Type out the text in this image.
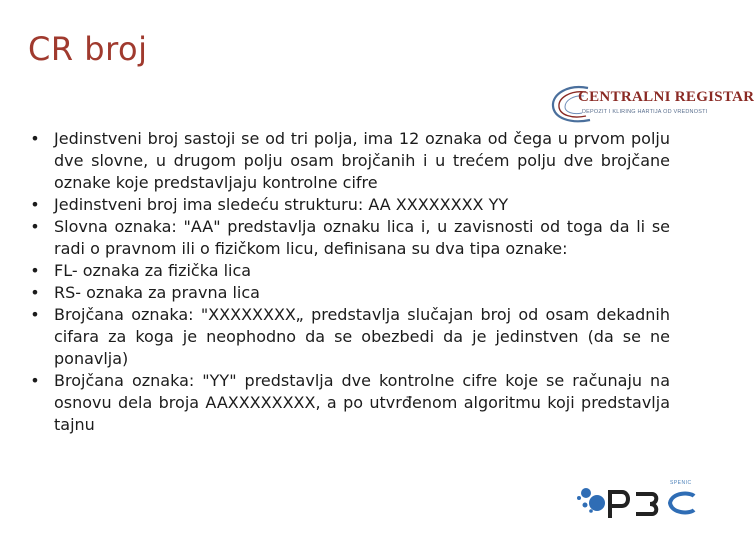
CR broj
CENTRALNI REGISTAR
DEPOZIT I KLIRING HARTIJA OD VREDNOSTI
• Jedinstveni broj sastoji se od tri polja, ima 12 oznaka od čega u prvom polju dve slovne, u drugom polju osam brojčanih i u trećem polju dve brojčane oznake koje predstavljaju kontrolne cifre
• Jedinstveni broj ima sledeću strukturu: AA XXXXXXXX YY
• Slovna oznaka: "AA" predstavlja oznaku lica i, u zavisnosti od toga da li se radi o pravnom ili o fizičkom licu, definisana su dva tipa oznake:
• FL- oznaka za fizička lica
• RS- oznaka za pravna lica
• Brojčana oznaka: "XXXXXXXX„ predstavlja slučajan broj od osam dekadnih cifara za koga je neophodno da se obezbedi da je jedinstven (da se ne ponavlja)
• Brojčana oznaka: "YY" predstavlja dve kontrolne cifre koje se računaju na osnovu dela broja AAXXXXXXXX, a po utvrđenom algoritmu koji predstavlja tajnu
SPENIC
